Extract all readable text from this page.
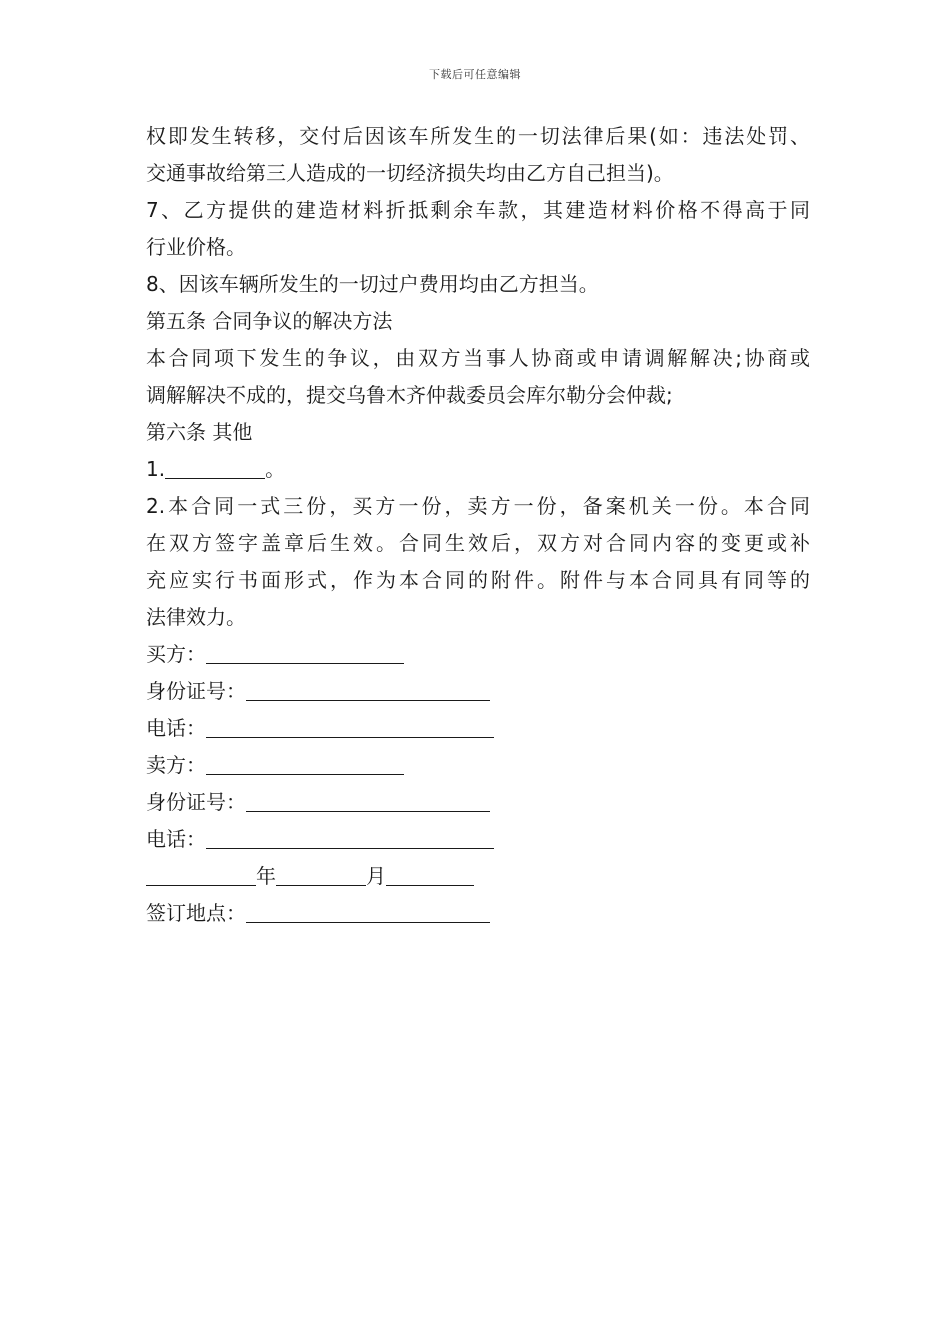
下载后可任意编辑
权即发生转移，交付后因该车所发生的一切法律后果(如：违法处罚、
交通事故给第三人造成的一切经济损失均由乙方自己担当)。
7、乙方提供的建造材料折抵剩余车款，其建造材料价格不得高于同
行业价格。
8、因该车辆所发生的一切过户费用均由乙方担当。
第五条 合同争议的解决方法
本合同项下发生的争议，由双方当事人协商或申请调解解决;协商或
调解解决不成的，提交乌鲁木齐仲裁委员会库尔勒分会仲裁;
第六条 其他
1.	。
2.本合同一式三份，买方一份，卖方一份，备案机关一份。本合同
在双方签字盖章后生效。合同生效后，双方对合同内容的变更或补
充应实行书面形式，作为本合同的附件。附件与本合同具有同等的
法律效力。
买方：
身份证号：
电话：
卖方：
身份证号：
电话：
年	月
签订地点：
